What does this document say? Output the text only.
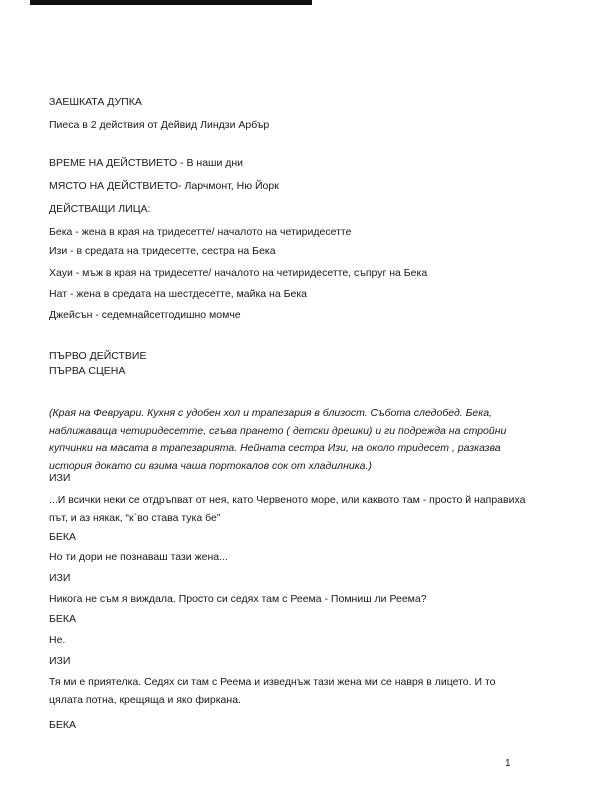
ЗАЕШКАТА ДУПКА
Пиеса в 2 действия от Дейвид Линдзи Арбър
ВРЕМЕ НА ДЕЙСТВИЕТО - В наши дни
МЯСТО НА ДЕЙСТВИЕТО- Ларчмонт, Ню Йорк
ДЕЙСТВАЩИ ЛИЦА:
Бека - жена в края на тридесетте/ началото на четиридесетте
Изи - в средата на тридесетте, сестра на Бека
Хауи - мъж в края на тридесетте/ началото на четиридесетте, съпруг на Бека
Нат - жена в средата на шестдесетте, майка на Бека
Джейсън - седемнайсетгодишно момче
ПЪРВО ДЕЙСТВИЕ
ПЪРВА СЦЕНА
(Края на Февруари. Кухня с удобен хол и трапезария в близост. Събота следобед. Бека, наближаваща четиридесетте, сгъва прането ( детски дрешки) и ги подрежда на стройни купчинки на масата в трапезарията. Нейната сестра Изи, на около тридесет , разказва история докато си взима чаша портокалов сок от хладилника.)
ИЗИ
...И всички неки се отдръпват от нея, като Червеното море, или каквото там - просто й направиха път, и аз някак, “к`во става тука бе”
БЕКА
Но ти дори не познаваш тази жена...
ИЗИ
Никога не съм я виждала. Просто си седях там с Реема - Помниш ли Реема?
БЕКА
Не.
ИЗИ
Тя ми е приятелка. Седях си там с Реема и изведнъж тази жена ми се навря в лицето. И то цялата потна, крещяща и яко фиркана.
БЕКА
1
